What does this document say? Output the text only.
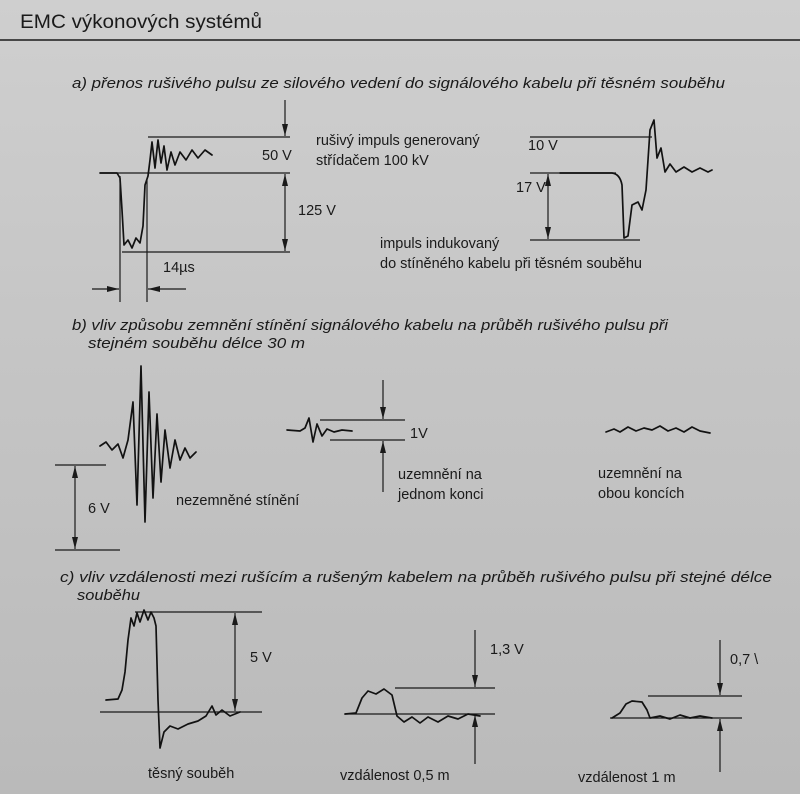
EMC výkonových systémů
a) přenos rušivého pulsu ze silového vedení do signálového kabelu při těsném souběhu
50 V
125 V
14µs
rušivý impuls generovaný
střídačem 100 kV
10 V
17 V
impuls indukovaný
do stíněného kabelu při těsném souběhu
b) vliv způsobu zemnění stínění signálového kabelu na průběh rušivého pulsu při
stejném souběhu délce 30 m
6 V	nezemněné stínění
1V
uzemnění na
jednom konci
uzemnění na
obou koncích
c) vliv vzdálenosti mezi rušícím a rušeným kabelem na průběh rušivého pulsu při stejné délce
souběhu
5 V
těsný souběh
1,3 V
vzdálenost 0,5 m
0,7 \
vzdálenost 1 m
